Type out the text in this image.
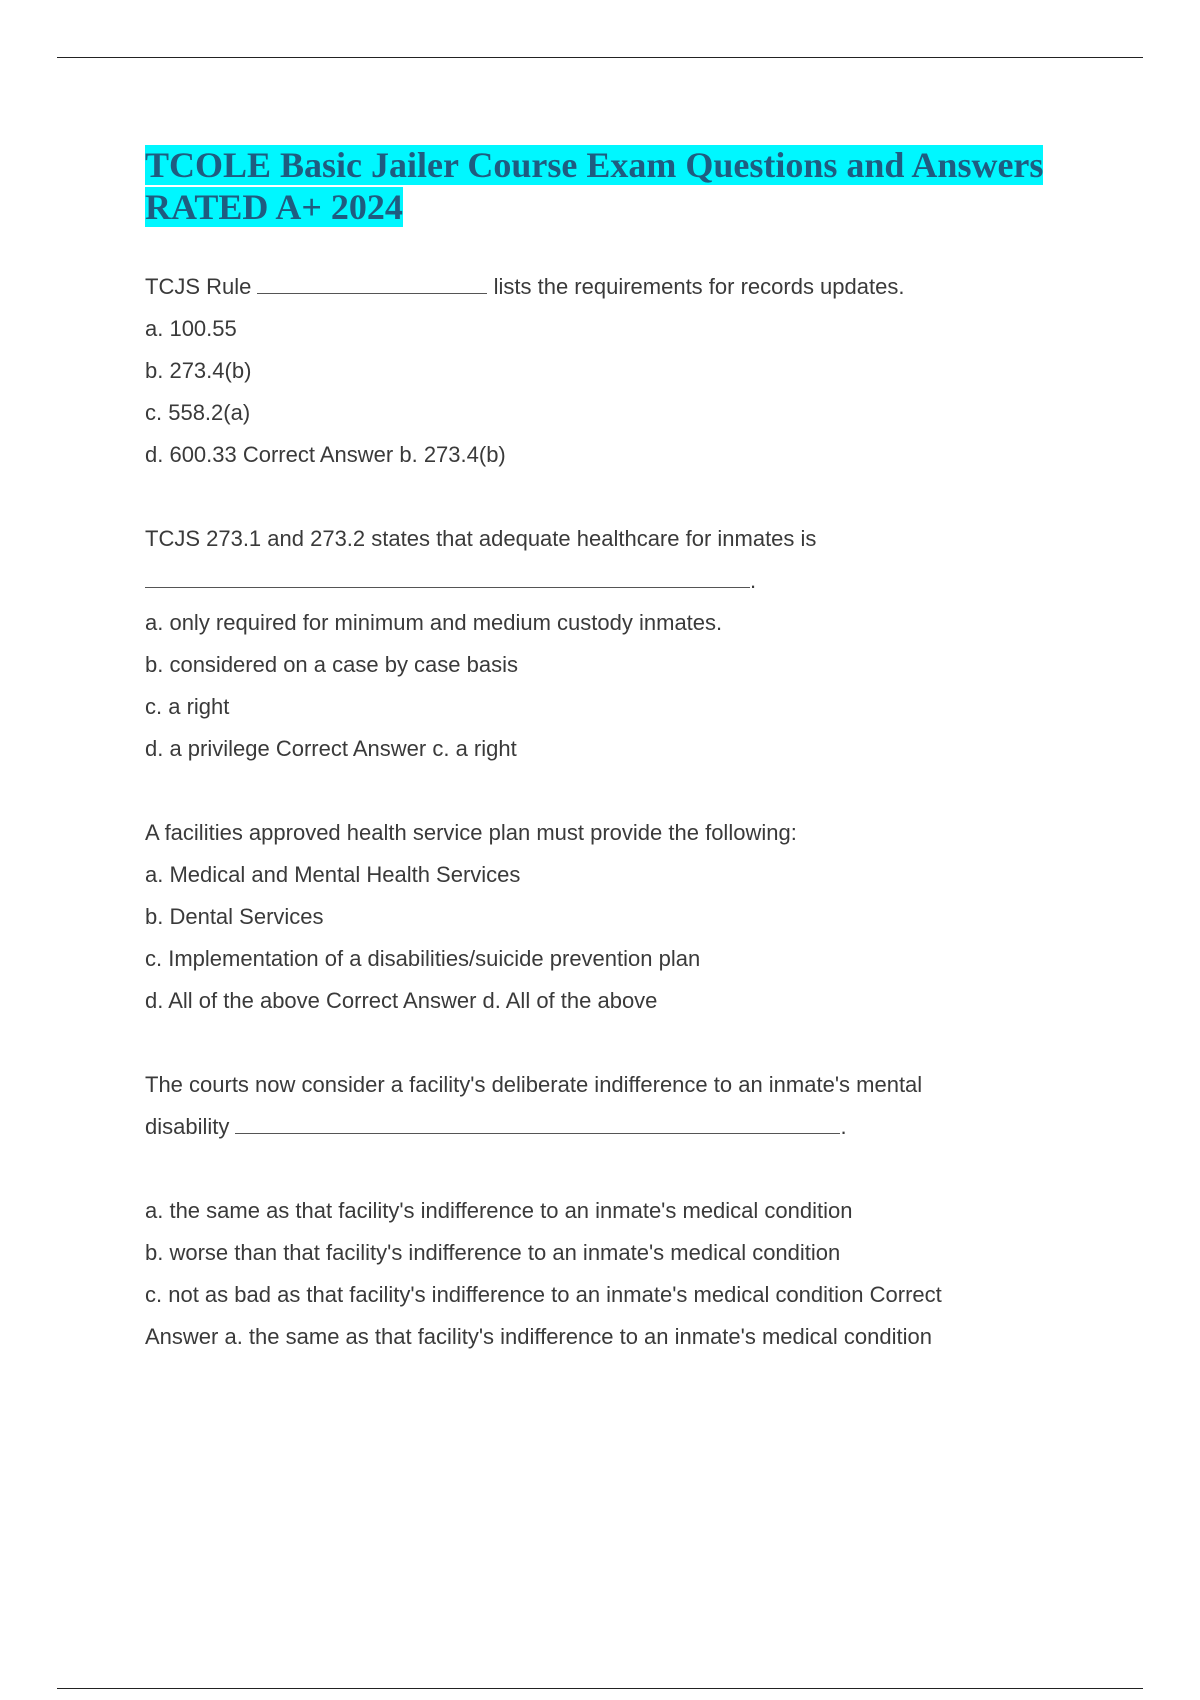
TCOLE Basic Jailer Course Exam Questions and Answers RATED A+ 2024

TCJS Rule	lists the requirements for records updates.

a. 100.55

b. 273.4(b)

c. 558.2(a)

d. 600.33 Correct Answer b. 273.4(b)

TCJS 273.1 and 273.2 states that adequate healthcare for inmates is

.

a. only required for minimum and medium custody inmates.

b. considered on a case by case basis

c. a right

d. a privilege Correct Answer c. a right

A facilities approved health service plan must provide the following:

a. Medical and Mental Health Services

b. Dental Services

c. Implementation of a disabilities/suicide prevention plan

d. All of the above Correct Answer d. All of the above

The courts now consider a facility's deliberate indifference to an inmate's mental

disability	.

a. the same as that facility's indifference to an inmate's medical condition

b. worse than that facility's indifference to an inmate's medical condition

c. not as bad as that facility's indifference to an inmate's medical condition Correct

Answer a. the same as that facility's indifference to an inmate's medical condition
